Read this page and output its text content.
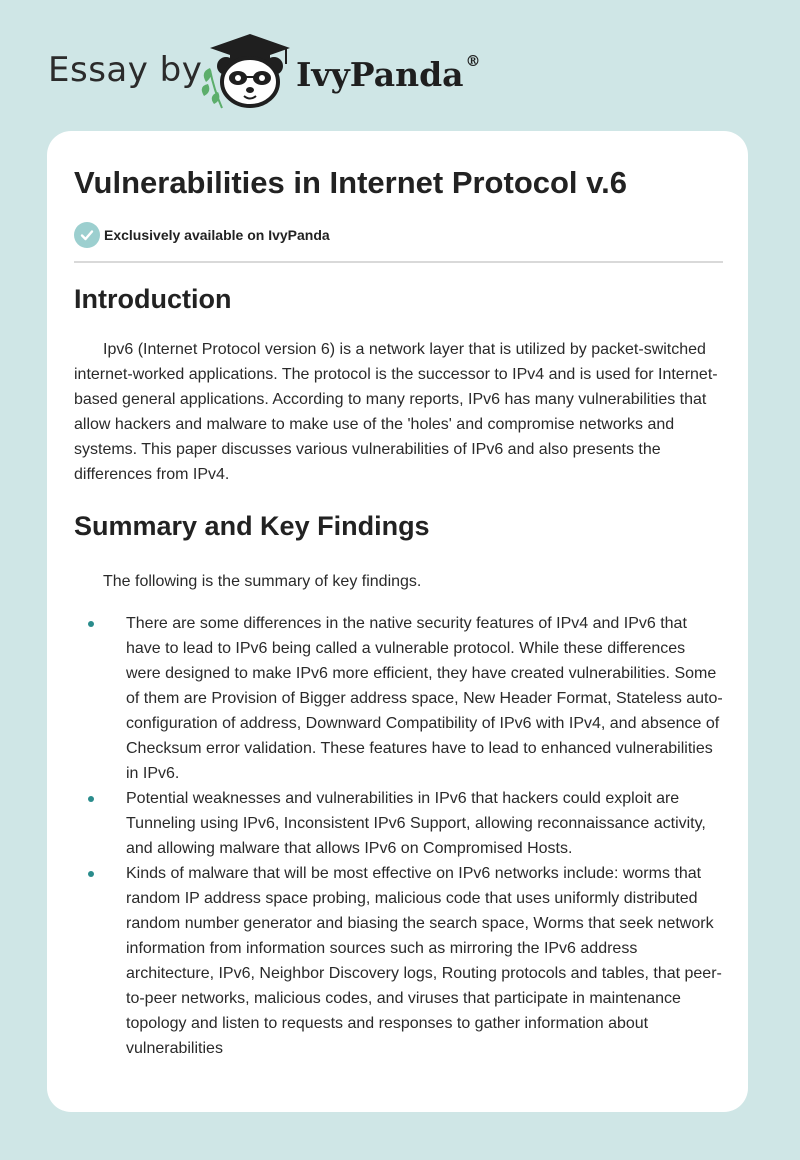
Essay by	IvyPanda ®
Vulnerabilities in Internet Protocol v.6
Exclusively available on IvyPanda
Introduction

Ipv6 (Internet Protocol version 6) is a network layer that is utilized by packet-switched internet-worked applications. The protocol is the successor to IPv4 and is used for Internet-based general applications. According to many reports, IPv6 has many vulnerabilities that allow hackers and malware to make use of the 'holes' and compromise networks and systems. This paper discusses various vulnerabilities of IPv6 and also presents the differences from IPv4.

Summary and Key Findings

The following is the summary of key findings.

There are some differences in the native security features of IPv4 and IPv6 that have to lead to IPv6 being called a vulnerable protocol. While these differences were designed to make IPv6 more efficient, they have created vulnerabilities. Some of them are Provision of Bigger address space, New Header Format, Stateless auto-configuration of address, Downward Compatibility of IPv6 with IPv4, and absence of Checksum error validation. These features have to lead to enhanced vulnerabilities in IPv6.
Potential weaknesses and vulnerabilities in IPv6 that hackers could exploit are Tunneling using IPv6, Inconsistent IPv6 Support, allowing reconnaissance activity, and allowing malware that allows IPv6 on Compromised Hosts.
Kinds of malware that will be most effective on IPv6 networks include: worms that random IP address space probing, malicious code that uses uniformly distributed random number generator and biasing the search space, Worms that seek network information from information sources such as mirroring the IPv6 address architecture, IPv6, Neighbor Discovery logs, Routing protocols and tables, that peer-to-peer networks, malicious codes, and viruses that participate in maintenance topology and listen to requests and responses to gather information about vulnerabilities
